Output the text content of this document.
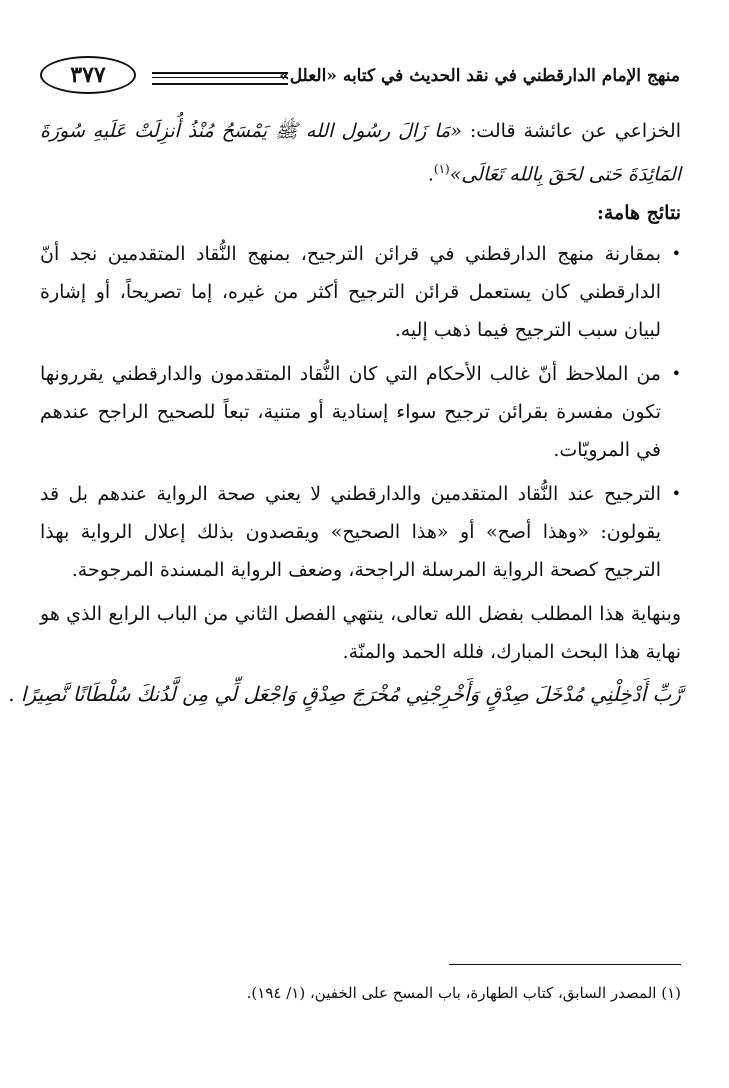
منهج الإمام الدارقطني في نقد الحديث في كتابه «العلل»
٣٧٧

الخزاعي عن عائشة قالت: «مَا زَالَ رسُول الله ﷺ يَمْسَحُ مُنْذُ أُنزِلَتْ عَلَيهِ سُورَةَ المَائِدَةَ حَتى لحَقَ بِالله تَعَالَى»$^{(١)}$.

نتائج هامة:

•
بمقارنة منهج الدارقطني في قرائن الترجيح، بمنهج النُّقاد المتقدمين نجد أنّ الدارقطني كان يستعمل قرائن الترجيح أكثر من غيره، إما تصريحاً، أو إشارة لبيان سبب الترجيح فيما ذهب إليه.
•
من الملاحظ أنّ غالب الأحكام التي كان النُّقاد المتقدمون والدارقطني يقررونها تكون مفسرة بقرائن ترجيح سواء إسنادية أو متنية، تبعاً للصحيح الراجح عندهم في المرويّات.
•
الترجيح عند النُّقاد المتقدمين والدارقطني لا يعني صحة الرواية عندهم بل قد يقولون: «وهذا أصح» أو «هذا الصحيح» ويقصدون بذلك إعلال الرواية بهذا الترجيح كصحة الرواية المرسلة الراجحة، وضعف الرواية المسندة المرجوحة.

وبنهاية هذا المطلب بفضل الله تعالى، ينتهي الفصل الثاني من الباب الرابع الذي هو نهاية هذا البحث المبارك، فلله الحمد والمنّة.

رَّبِّ أَدْخِلْنِي مُدْخَلَ صِدْقٍ وَأَخْرِجْنِي مُخْرَجَ صِدْقٍ وَاجْعَل لِّي مِن لَّدُنكَ سُلْطَانًا نَّصِيرًا .

(١) المصدر السابق، كتاب الطهارة، باب المسح على الخفين، (١/ ١٩٤).
